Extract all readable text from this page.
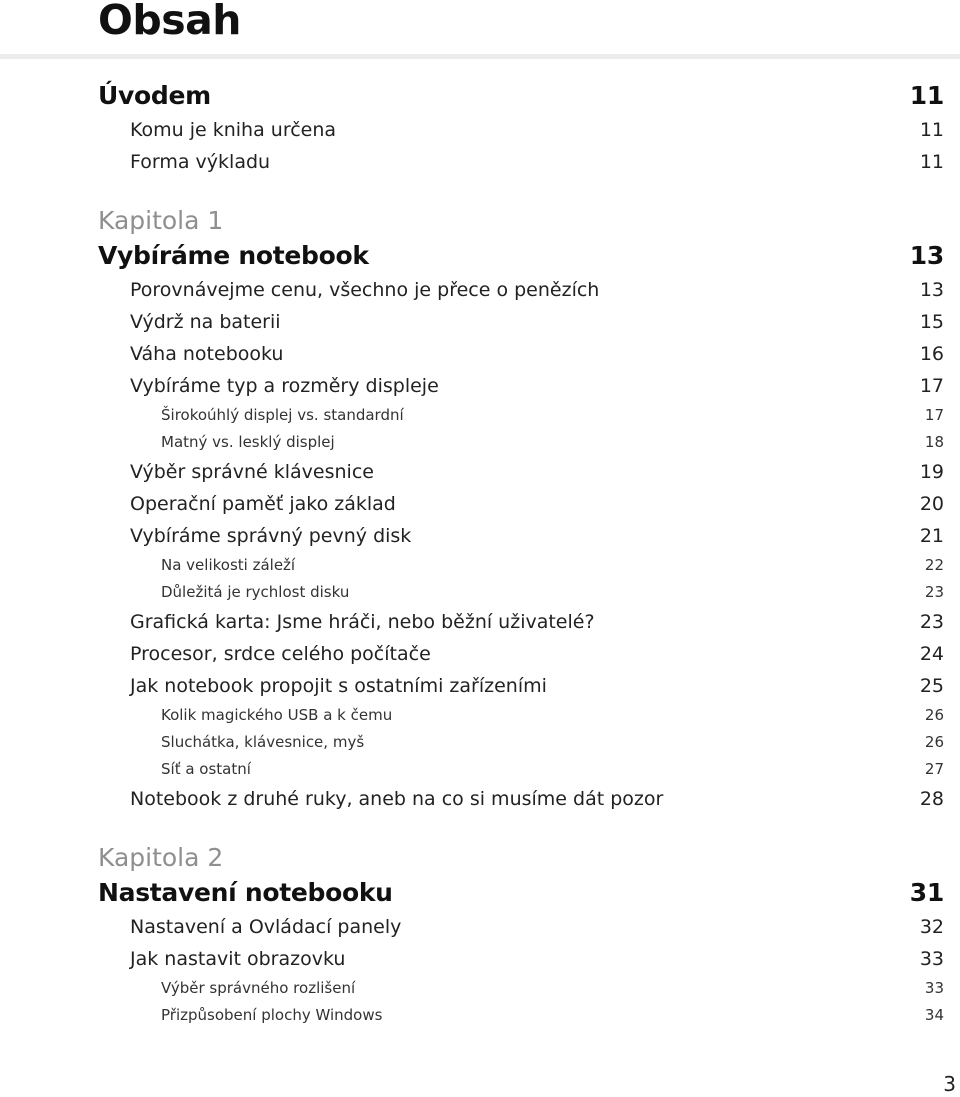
Obsah
Úvodem	11
Komu je kniha určena	11
Forma výkladu	11
Kapitola 1
Vybíráme notebook	13
Porovnávejme cenu, všechno je přece o penězích	13
Výdrž na baterii	15
Váha notebooku	16
Vybíráme typ a rozměry displeje	17
Širokoúhlý displej vs. standardní	17
Matný vs. lesklý displej	18
Výběr správné klávesnice	19
Operační paměť jako základ	20
Vybíráme správný pevný disk	21
Na velikosti záleží	22
Důležitá je rychlost disku	23
Grafická karta: Jsme hráči, nebo běžní uživatelé?	23
Procesor, srdce celého počítače	24
Jak notebook propojit s ostatními zařízeními	25
Kolik magického USB a k čemu	26
Sluchátka, klávesnice, myš	26
Síť a ostatní	27
Notebook z druhé ruky, aneb na co si musíme dát pozor	28
Kapitola 2
Nastavení notebooku	31
Nastavení a Ovládací panely	32
Jak nastavit obrazovku	33
Výběr správného rozlišení	33
Přizpůsobení plochy Windows	34
3
